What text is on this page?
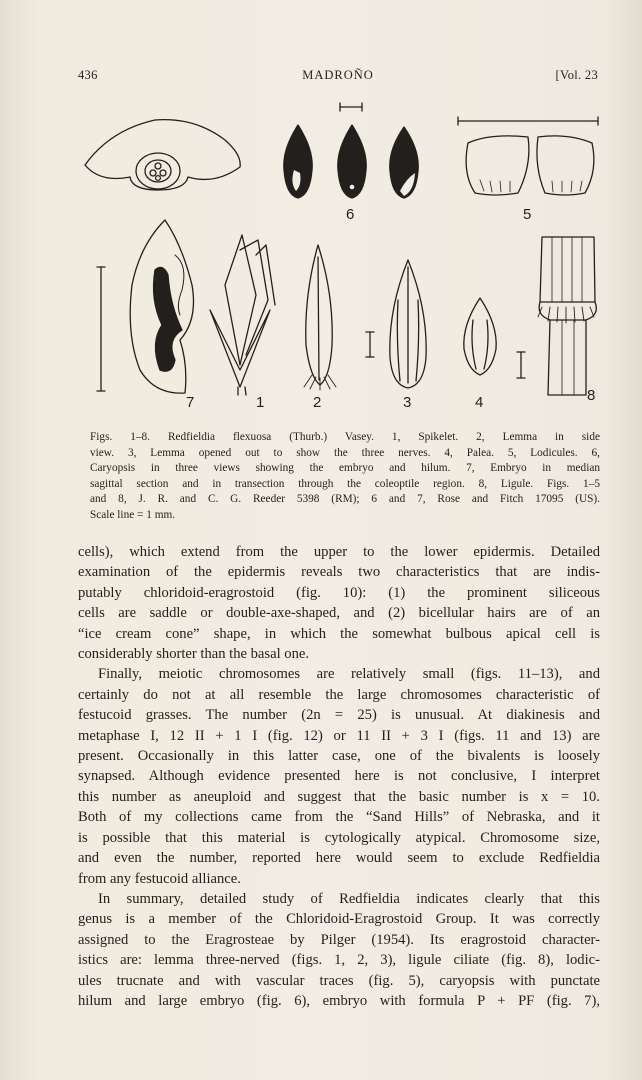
436	MADROÑO	[Vol. 23
6	5
7	1	2	3	4	8
Figs. 1–8. Redfieldia flexuosa (Thurb.) Vasey. 1, Spikelet. 2, Lemma in side
view. 3, Lemma opened out to show the three nerves. 4, Palea. 5, Lodicules. 6,
Caryopsis in three views showing the embryo and hilum. 7, Embryo in median
sagittal section and in transection through the coleoptile region. 8, Ligule. Figs. 1–5
and 8, J. R. and C. G. Reeder 5398 (RM); 6 and 7, Rose and Fitch 17095 (US).
Scale line = 1 mm.

cells), which extend from the upper to the lower epidermis. Detailed
examination of the epidermis reveals two characteristics that are indis-
putably chloridoid-eragrostoid (fig. 10): (1) the prominent siliceous
cells are saddle or double-axe-shaped, and (2) bicellular hairs are of an
“ice cream cone” shape, in which the somewhat bulbous apical cell is
considerably shorter than the basal one.

Finally, meiotic chromosomes are relatively small (figs. 11–13), and
certainly do not at all resemble the large chromosomes characteristic of
festucoid grasses. The number (2n = 25) is unusual. At diakinesis and
metaphase I, 12 II + 1 I (fig. 12) or 11 II + 3 I (figs. 11 and 13) are
present. Occasionally in this latter case, one of the bivalents is loosely
synapsed. Although evidence presented here is not conclusive, I interpret
this number as aneuploid and suggest that the basic number is x = 10.
Both of my collections came from the “Sand Hills” of Nebraska, and it
is possible that this material is cytologically atypical. Chromosome size,
and even the number, reported here would seem to exclude Redfieldia
from any festucoid alliance.

In summary, detailed study of Redfieldia indicates clearly that this
genus is a member of the Chloridoid-Eragrostoid Group. It was correctly
assigned to the Eragrosteae by Pilger (1954). Its eragrostoid character-
istics are: lemma three-nerved (figs. 1, 2, 3), ligule ciliate (fig. 8), lodic-
ules trucnate and with vascular traces (fig. 5), caryopsis with punctate
hilum and large embryo (fig. 6), embryo with formula P + PF (fig. 7),
